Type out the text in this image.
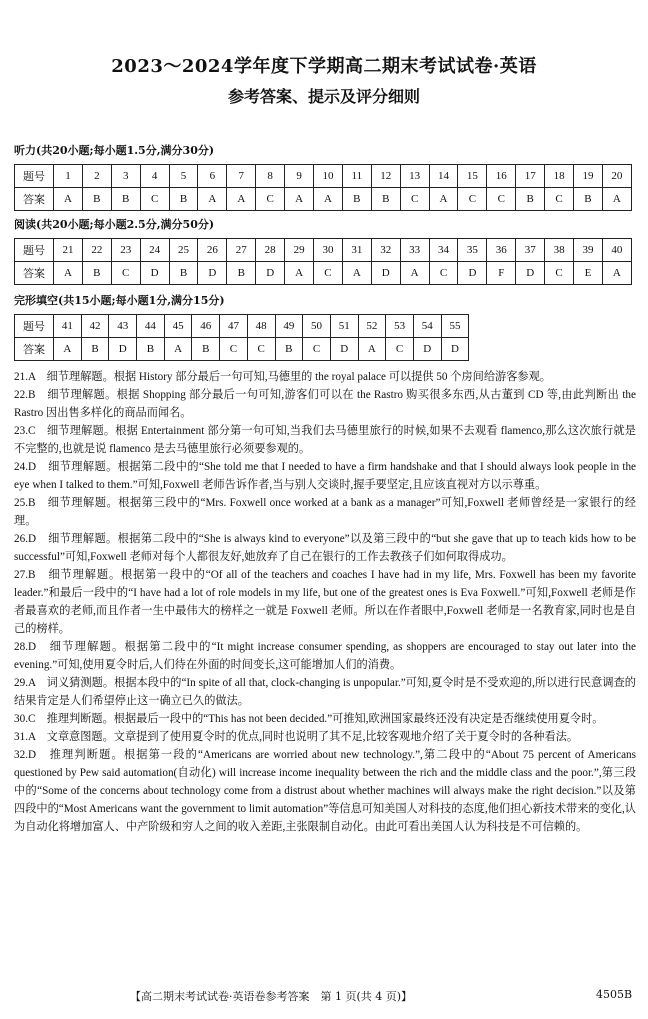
2023～2024学年度下学期高二期末考试试卷·英语
参考答案、提示及评分细则
听力(共20小题;每小题1.5分,满分30分)
题号	1	2	3	4	5	6	7	8	9	10	11	12	13	14	15	16	17	18	19	20
答案	A	B	B	C	B	A	A	C	A	A	B	B	C	A	C	C	B	C	B	A
阅读(共20小题;每小题2.5分,满分50分)
题号	21	22	23	24	25	26	27	28	29	30	31	32	33	34	35	36	37	38	39	40
答案	A	B	C	D	B	D	B	D	A	C	A	D	A	C	D	F	D	C	E	A
完形填空(共15小题;每小题1分,满分15分)
题号	41	42	43	44	45	46	47	48	49	50	51	52	53	54	55
答案	A	B	D	B	A	B	C	C	B	C	D	A	C	D	D

21.A　细节理解题。根据 History 部分最后一句可知,马德里的 the royal palace 可以提供 50 个房间给游客参观。

22.B　细节理解题。根据 Shopping 部分最后一句可知,游客们可以在 the Rastro 购买很多东西,从古董到 CD 等,由此判断出 the Rastro 因出售多样化的商品而闻名。

23.C　细节理解题。根据 Entertainment 部分第一句可知,当我们去马德里旅行的时候,如果不去观看 flamenco,那么这次旅行就是不完整的,也就是说 flamenco 是去马德里旅行必须要参观的。

24.D　细节理解题。根据第二段中的“She told me that I needed to have a firm handshake and that I should always look people in the eye when I talked to them.”可知,Foxwell 老师告诉作者,当与别人交谈时,握手要坚定,且应该直视对方以示尊重。

25.B　细节理解题。根据第三段中的“Mrs. Foxwell once worked at a bank as a manager”可知,Foxwell 老师曾经是一家银行的经理。

26.D　细节理解题。根据第二段中的“She is always kind to everyone”以及第三段中的“but she gave that up to teach kids how to be successful”可知,Foxwell 老师对每个人都很友好,她放弃了自己在银行的工作去教孩子们如何取得成功。

27.B　细节理解题。根据第一段中的“Of all of the teachers and coaches I have had in my life, Mrs. Foxwell has been my favorite leader.”和最后一段中的“I have had a lot of role models in my life, but one of the greatest ones is Eva Foxwell.”可知,Foxwell 老师是作者最喜欢的老师,而且作者一生中最伟大的榜样之一就是 Foxwell 老师。所以在作者眼中,Foxwell 老师是一名教育家,同时也是自己的榜样。

28.D　细节理解题。根据第二段中的“It might increase consumer spending, as shoppers are encouraged to stay out later into the evening.”可知,使用夏令时后,人们待在外面的时间变长,这可能增加人们的消费。

29.A　词义猜测题。根据本段中的“In spite of all that, clock-changing is unpopular.”可知,夏令时是不受欢迎的,所以进行民意调查的结果肯定是人们希望停止这一确立已久的做法。

30.C　推理判断题。根据最后一段中的“This has not been decided.”可推知,欧洲国家最终还没有决定是否继续使用夏令时。

31.A　文章意图题。文章提到了使用夏令时的优点,同时也说明了其不足,比较客观地介绍了关于夏令时的各种看法。

32.D　推理判断题。根据第一段的“Americans are worried about new technology.”,第二段中的“About 75 percent of Americans questioned by Pew said automation(自动化) will increase income inequality between the rich and the middle class and the poor.”,第三段中的“Some of the concerns about technology come from a distrust about whether machines will always make the right decision.”以及第四段中的“Most Americans want the government to limit automation”等信息可知美国人对科技的态度,他们担心新技术带来的变化,认为自动化将增加富人、中产阶级和穷人之间的收入差距,主张限制自动化。由此可看出美国人认为科技是不可信赖的。

【高二期末考试试卷·英语卷参考答案　第 1 页(共 4 页)】	4505B
